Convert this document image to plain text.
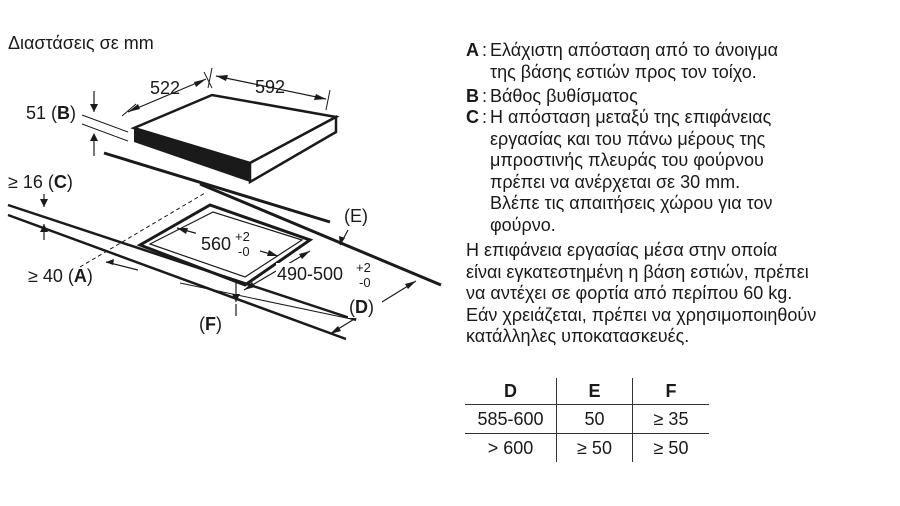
Διαστάσεις σε mm
522	592
51 (B)
560 +2
-0
490-500 +2
-0
(E)
(D)
(F)
≥ 16 (C)
≥ 40 (A)
A : Ελάχιστη απόσταση από το άνοιγμα
της βάσης εστιών προς τον τοίχο.
B : Βάθος βυθίσματος
C : Η απόσταση μεταξύ της επιφάνειας
εργασίας και του πάνω μέρους της
μπροστινής πλευράς του φούρνου
πρέπει να ανέρχεται σε 30 mm.
Βλέπε τις απαιτήσεις χώρου για τον
φούρνο.
Η επιφάνεια εργασίας μέσα στην οποία
είναι εγκατεστημένη η βάση εστιών, πρέπει
να αντέχει σε φορτία από περίπου 60 kg.
Εάν χρειάζεται, πρέπει να χρησιμοποιηθούν
κατάλληλες υποκατασκευές.
D	E	F
585-600	50	≥ 35
> 600	≥ 50	≥ 50
